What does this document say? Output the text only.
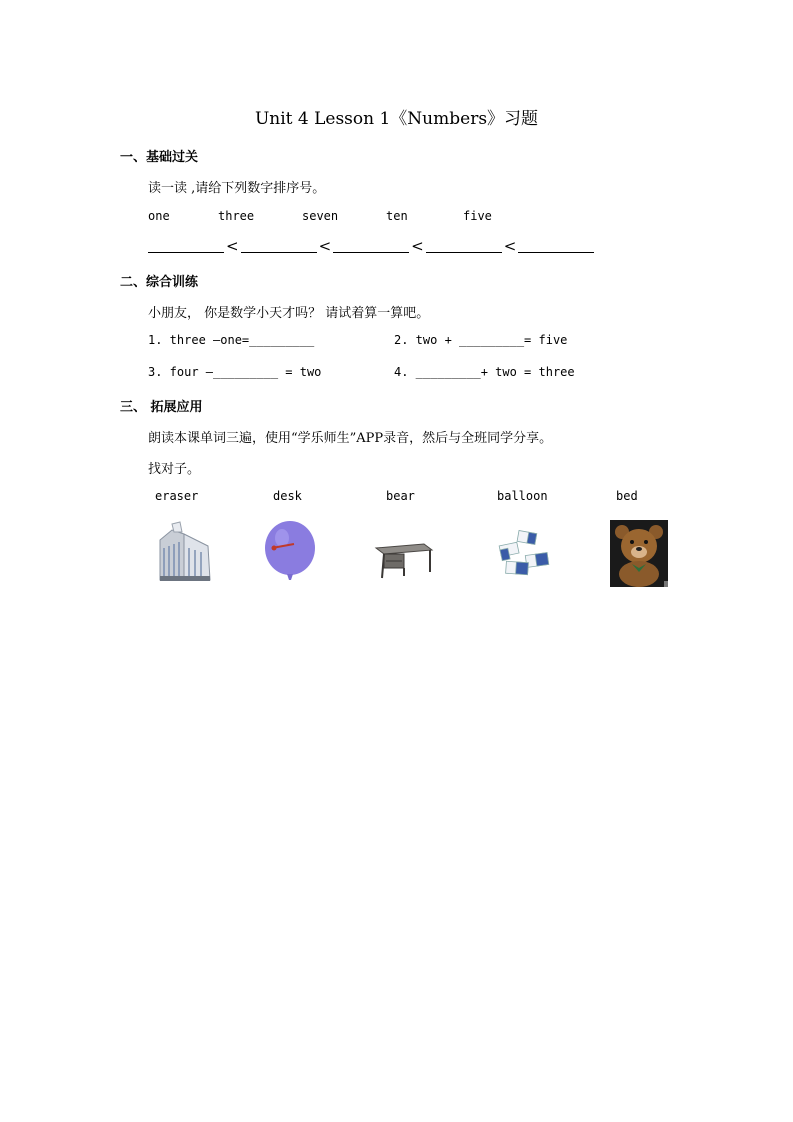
Unit 4 Lesson 1《Numbers》习题
一、基础过关
读一读 ,请给下列数字排序号。
one	three	seven	ten	five
<	<	<	<
二、综合训练
小朋友， 你是数学小天才吗？ 请试着算一算吧。
1. three —one=_________	2. two + _________= five
3. four —_________ = two	4. _________+ two = three
三、 拓展应用
朗读本课单词三遍，使用“学乐师生”APP录音，然后与全班同学分享。
找对子。
eraser	desk	bear	balloon	bed
